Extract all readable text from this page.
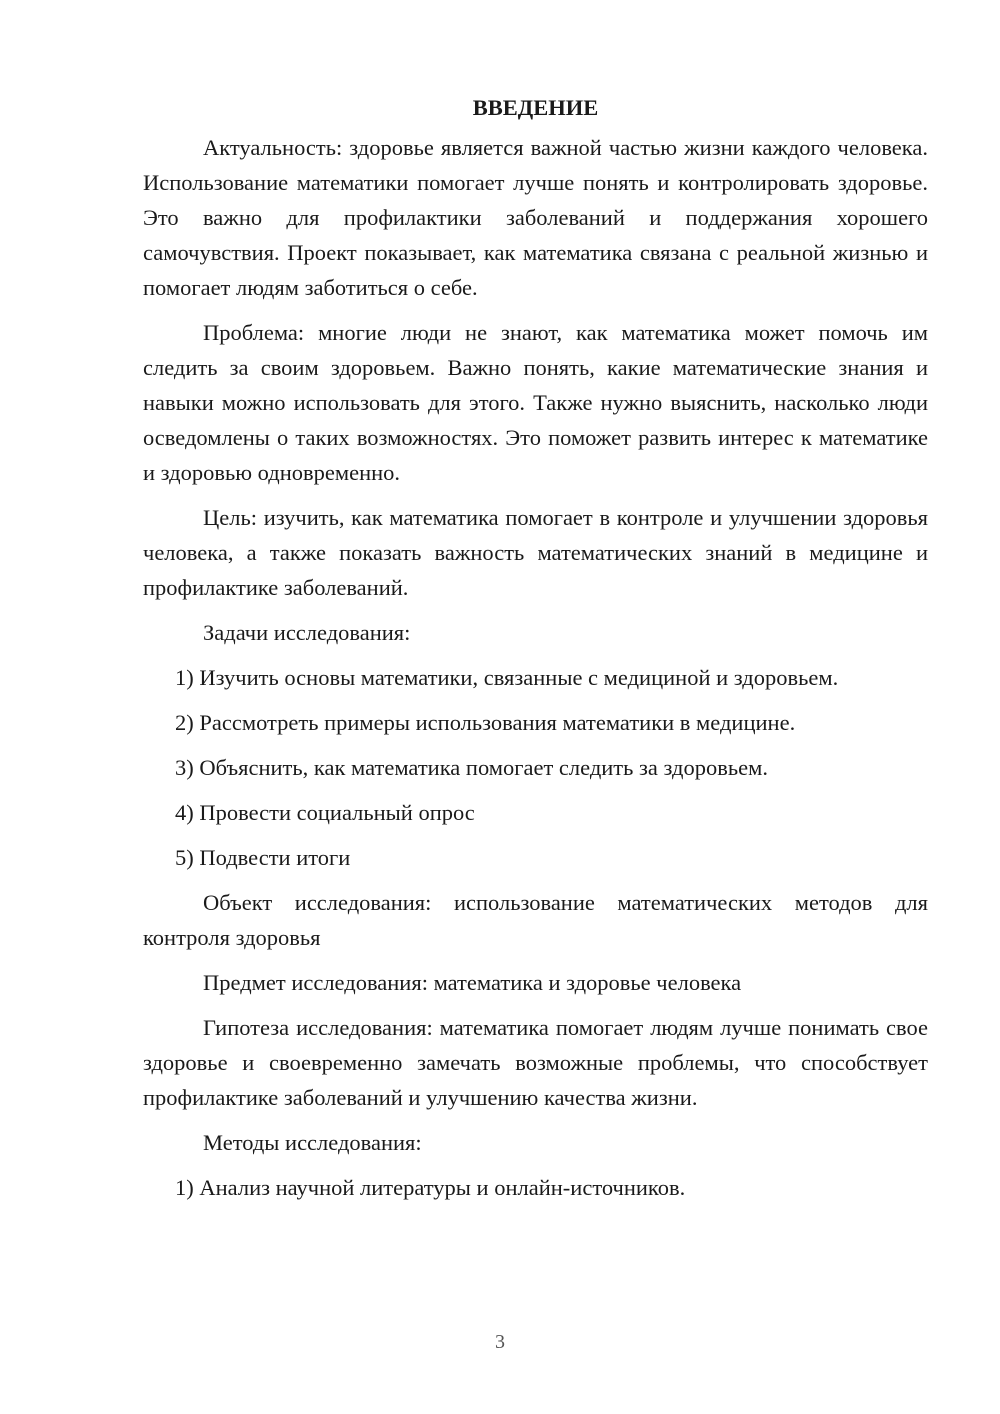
ВВЕДЕНИЕ

Актуальность: здоровье является важной частью жизни каждого человека. Использование математики помогает лучше понять и контролировать здоровье. Это важно для профилактики заболеваний и поддержания хорошего самочувствия. Проект показывает, как математика связана с реальной жизнью и помогает людям заботиться о себе.

Проблема: многие люди не знают, как математика может помочь им следить за своим здоровьем. Важно понять, какие математические знания и навыки можно использовать для этого. Также нужно выяснить, насколько люди осведомлены о таких возможностях. Это поможет развить интерес к математике и здоровью одновременно.

Цель: изучить, как математика помогает в контроле и улучшении здоровья человека, а также показать важность математических знаний в медицине и профилактике заболеваний.

Задачи исследования:

1) Изучить основы математики, связанные с медициной и здоровьем.

2) Рассмотреть примеры использования математики в медицине.

3) Объяснить, как математика помогает следить за здоровьем.

4) Провести социальный опрос

5) Подвести итоги

Объект исследования: использование математических методов для контроля здоровья

Предмет исследования: математика и здоровье человека

Гипотеза исследования: математика помогает людям лучше понимать свое здоровье и своевременно замечать возможные проблемы, что способствует профилактике заболеваний и улучшению качества жизни.

Методы исследования:

1) Анализ научной литературы и онлайн-источников.

3
